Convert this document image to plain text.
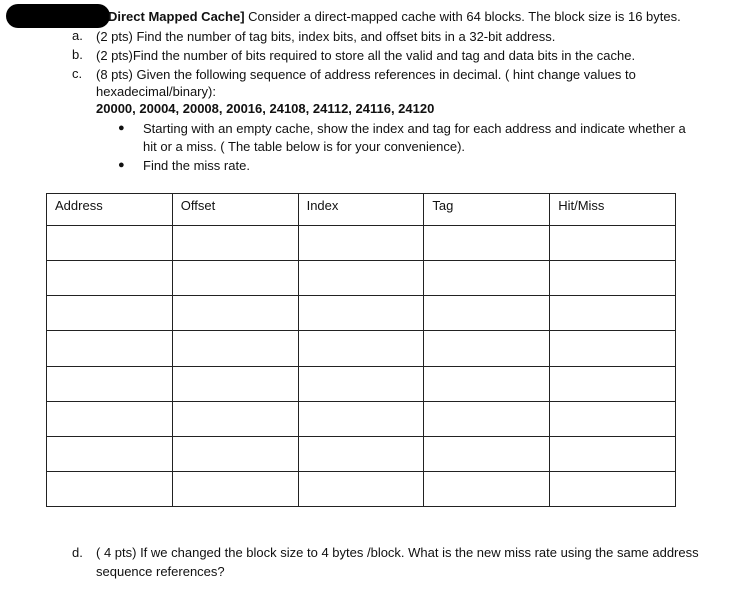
Direct Mapped Cache] Consider a direct-mapped cache with 64 blocks. The block size is 16 bytes.
a. (2 pts) Find the number of tag bits, index bits, and offset bits in a 32-bit address.
b. (2 pts)Find the number of bits required to store all the valid and tag and data bits in the cache.
c. (8 pts) Given the following sequence of address references in decimal. ( hint change values to
hexadecimal/binary):
20000, 20004, 20008, 20016, 24108, 24112, 24116, 24120
● Starting with an empty cache, show the index and tag for each address and indicate whether a
hit or a miss. ( The table below is for your convenience).
● Find the miss rate.
Address	Offset	Index	Tag	Hit/Miss

d. ( 4 pts) If we changed the block size to 4 bytes /block. What is the new miss rate using the same address
sequence references?
